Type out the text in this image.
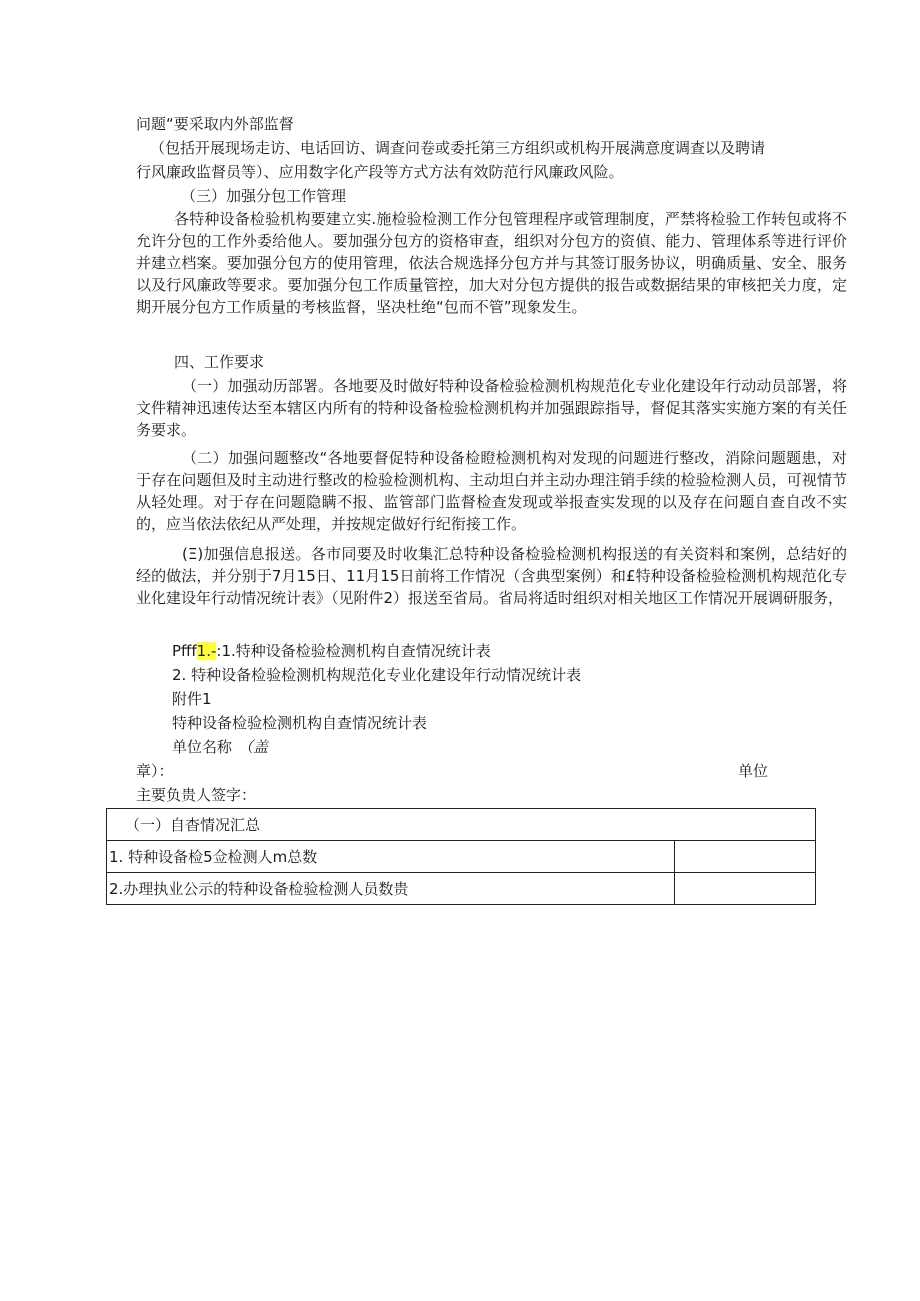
问题“要采取内外部监督
（包括开展现场走访、电话回访、调查问卷或委托第三方组织或机构开展满意度调查以及聘请
行风廉政监督员等）、应用数字化产段等方式方法有效防范行风廉政风险。
（三）加强分包工作管理
各特种设备检验机构要建立实.施检验检测工作分包管理程序或管理制度，严禁将检验工作转包或将不允许分包的工作外委给他人。要加强分包方的资格审查，组织对分包方的资偵、能力、管理体系等进行评价并建立档案。要加强分包方的使用管理，依法合规选择分包方并与其签订服务协议，明确质量、安全、服务以及行风廉政等要求。要加强分包工作质量管控，加大对分包方提供的报告或数据结果的审核把关力度，定期开展分包方工作质量的考核监督，坚决杜绝“包而不管”现象发生。
四、工作要求
（一）加强动历部署。各地要及时做好特种设备检验检测机构规范化专业化建设年行动动员部署，将文件精神迅速传达至本辖区内所有的特种设备检验检测机构并加强跟踪指导，督促其落实实施方案的有关任务要求。
（二）加强问题整改“各地要督促特种设备检瞪检测机构对发现的问题进行整改，消除问题题患，对于存在问题但及时主动进行整改的检验检测机构、主动坦白并主动办理注销手续的检验检测人员，可视情节从轻处理。对于存在问题隐瞒不报、监管部门监督检查发现或举报查实发现的以及存在问题自查自改不实的，应当依法依纪从严处理，并按规定做好行纪衔接工作。
(Ξ)加强信息报送。各市同要及时收集汇总特种设备检验检测机构报送的有关资料和案例，总结好的经的做法，并分别于7月15日、11月15日前将工作情况（含典型案例）和£特种设备检验检测机构规范化专业化建设年行动情况统计表》（见附件2）报送至省局。省局将适时组织对相关地区工作情况开展调研服务，
Pfff1.-:1.特种设备检验检测机构自查情况统计表
2. 特种设备检验检测机构规范化专业化建设年行动情况统计表
附件1
特种设备检验检测机构自查情况统计表
单位名称 （盖
章）：	单位
主要负贵人签字：
（一）自杳情况汇总	
1. 特种设备检5佥检测人m总数	
2.办理执业公示的特种设备检验检测人员数贵	
